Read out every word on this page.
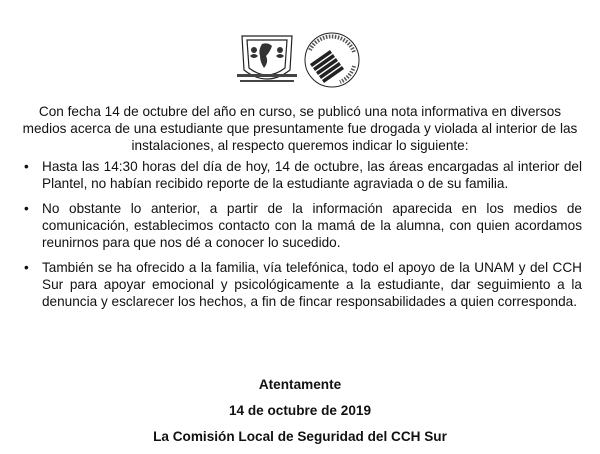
Con fecha 14 de octubre del año en curso, se publicó una nota informativa en diversos medios acerca de una estudiante que presuntamente fue drogada y violada al interior de las instalaciones, al respecto queremos indicar lo siguiente:

• Hasta las 14:30 horas del día de hoy, 14 de octubre, las áreas encargadas al interior del Plantel, no habían recibido reporte de la estudiante agraviada o de su familia.
• No obstante lo anterior, a partir de la información aparecida en los medios de comunicación, establecimos contacto con la mamá de la alumna, con quien acordamos reunirnos para que nos dé a conocer lo sucedido.
• También se ha ofrecido a la familia, vía telefónica, todo el apoyo de la UNAM y del CCH Sur para apoyar emocional y psicológicamente a la estudiante, dar seguimiento a la denuncia y esclarecer los hechos, a fin de fincar responsabilidades a quien corresponda.

Atentamente

14 de octubre de 2019

La Comisión Local de Seguridad del CCH Sur
